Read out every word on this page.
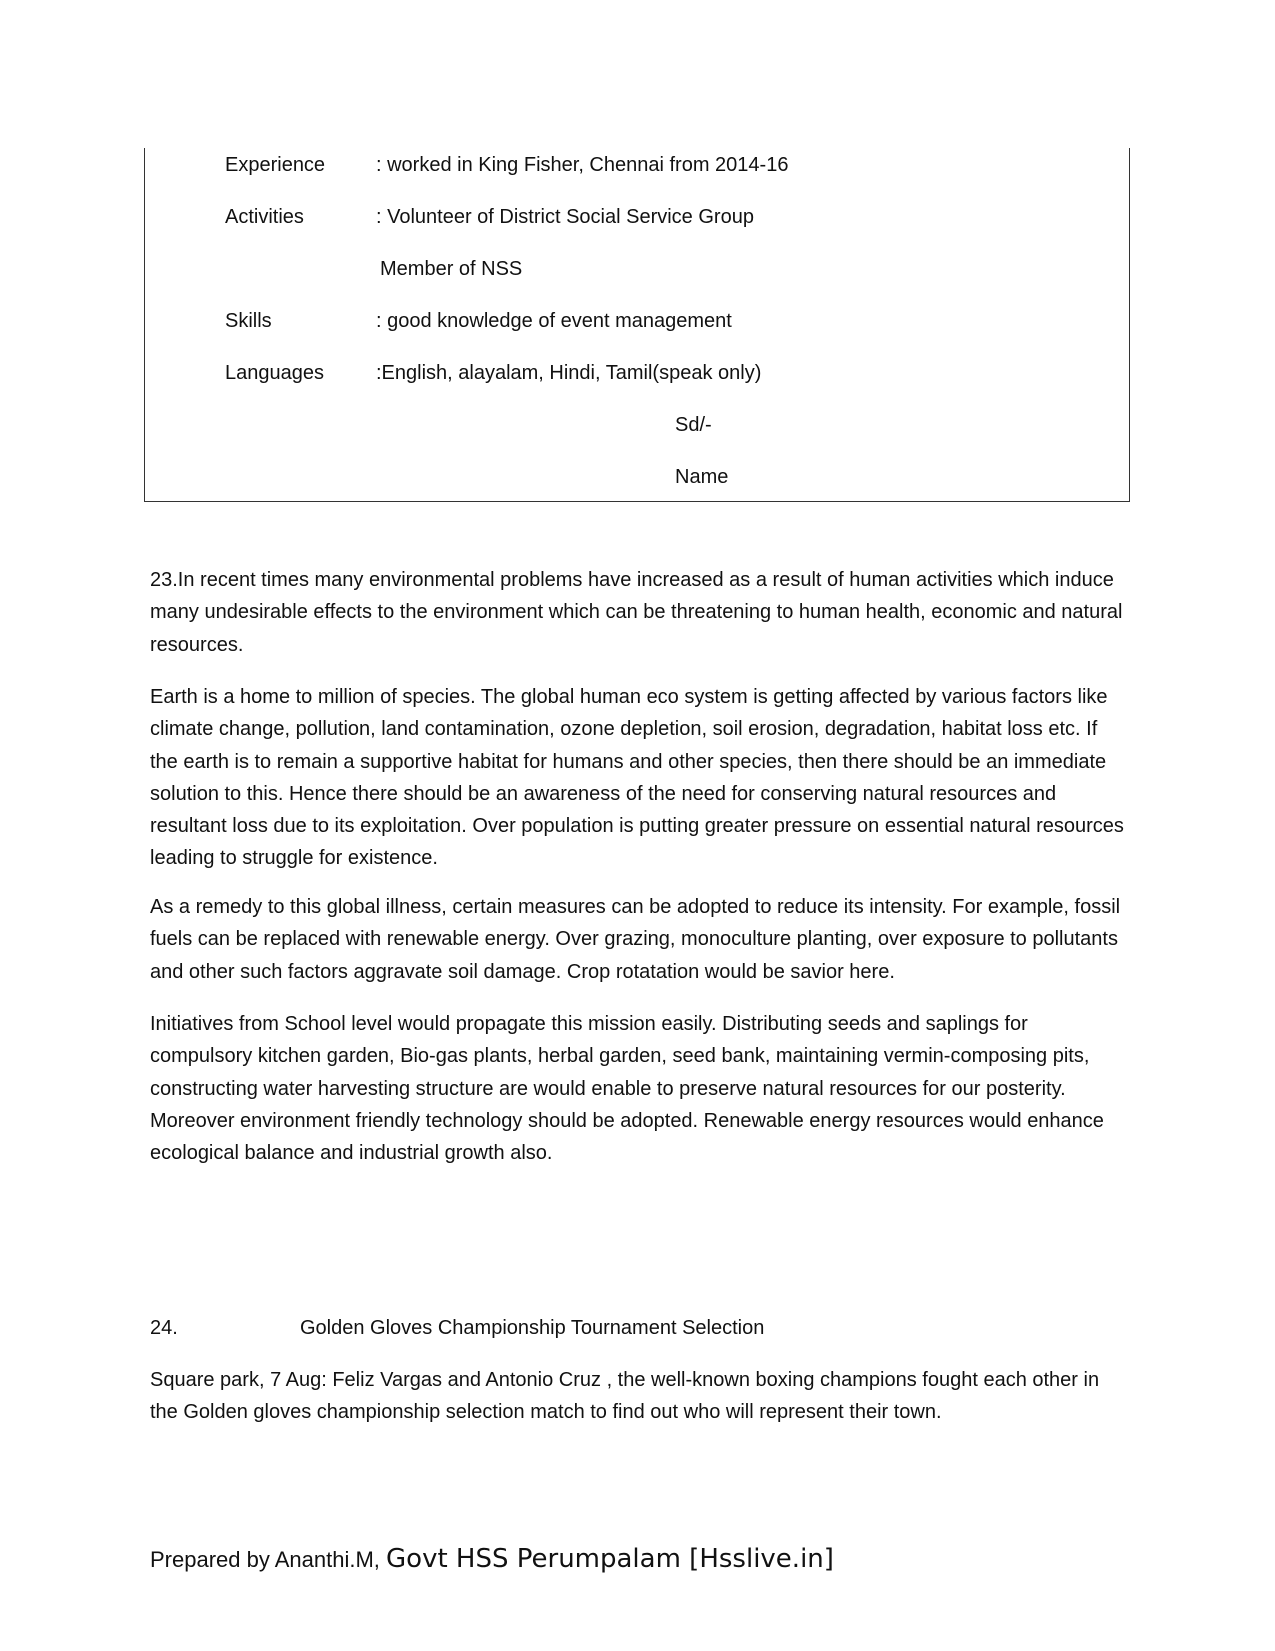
Experience	: worked in King Fisher, Chennai from 2014-16
Activities	: Volunteer of District Social Service Group
Member of NSS
Skills	: good knowledge of event management
Languages	:English, alayalam, Hindi, Tamil(speak only)
Sd/-
Name

23.In recent times many environmental problems have increased as a result of human activities which induce many undesirable effects to the environment which can be threatening to human health, economic and natural resources.

Earth is a home to million of species. The global human eco system is getting affected by various factors like climate change, pollution, land contamination, ozone depletion, soil erosion, degradation, habitat loss etc. If the earth is to remain a supportive habitat for humans and other species, then there should be an immediate solution to this. Hence there should be an awareness of the need for conserving natural resources and resultant loss due to its exploitation. Over population is putting greater pressure on essential natural resources leading to struggle for existence.

As a remedy to this global illness, certain measures can be adopted to reduce its intensity. For example, fossil fuels can be replaced with renewable energy. Over grazing, monoculture planting, over exposure to pollutants and other such factors aggravate soil damage. Crop rotatation would be savior here.

Initiatives from School level would propagate this mission easily. Distributing seeds and saplings for compulsory kitchen garden, Bio-gas plants, herbal garden, seed bank, maintaining vermin-composing pits, constructing water harvesting structure are would enable to preserve natural resources for our posterity. Moreover environment friendly technology should be adopted. Renewable energy resources would enhance ecological balance and industrial growth also.

24.	Golden Gloves Championship Tournament Selection

Square park, 7 Aug: Feliz Vargas and Antonio Cruz , the well-known boxing champions fought each other in the Golden gloves championship selection match to find out who will represent their town.

Prepared by Ananthi.M, Govt HSS Perumpalam [Hsslive.in]
